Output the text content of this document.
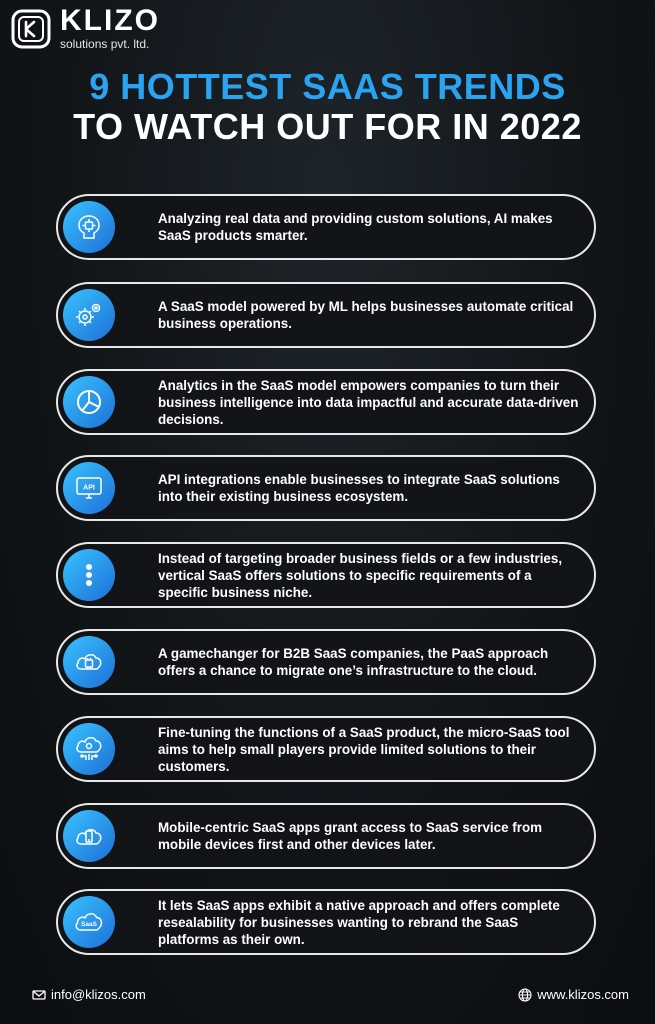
KLIZO
solutions pvt. ltd.
9 HOTTEST SAAS TRENDS
TO WATCH OUT FOR IN 2022
Analyzing real data and providing custom solutions, AI makes SaaS products smarter.
A SaaS model powered by ML helps businesses automate critical business operations.
Analytics in the SaaS model empowers companies to turn their business intelligence into data impactful and accurate data-driven decisions.
API
API integrations enable businesses to integrate SaaS solutions into their existing business ecosystem.
Instead of targeting broader business fields or a few industries, vertical SaaS offers solutions to specific requirements of a specific business niche.
A gamechanger for B2B SaaS companies, the PaaS approach offers a chance to migrate one’s infrastructure to the cloud.
Fine-tuning the functions of a SaaS product, the micro-SaaS tool aims to help small players provide limited solutions to their customers.
Mobile-centric SaaS apps grant access to SaaS service from mobile devices first and other devices later.
SaaS
It lets SaaS apps exhibit a native approach and offers complete resealability for businesses wanting to rebrand the SaaS platforms as their own.
info@klizos.com	www.klizos.com
